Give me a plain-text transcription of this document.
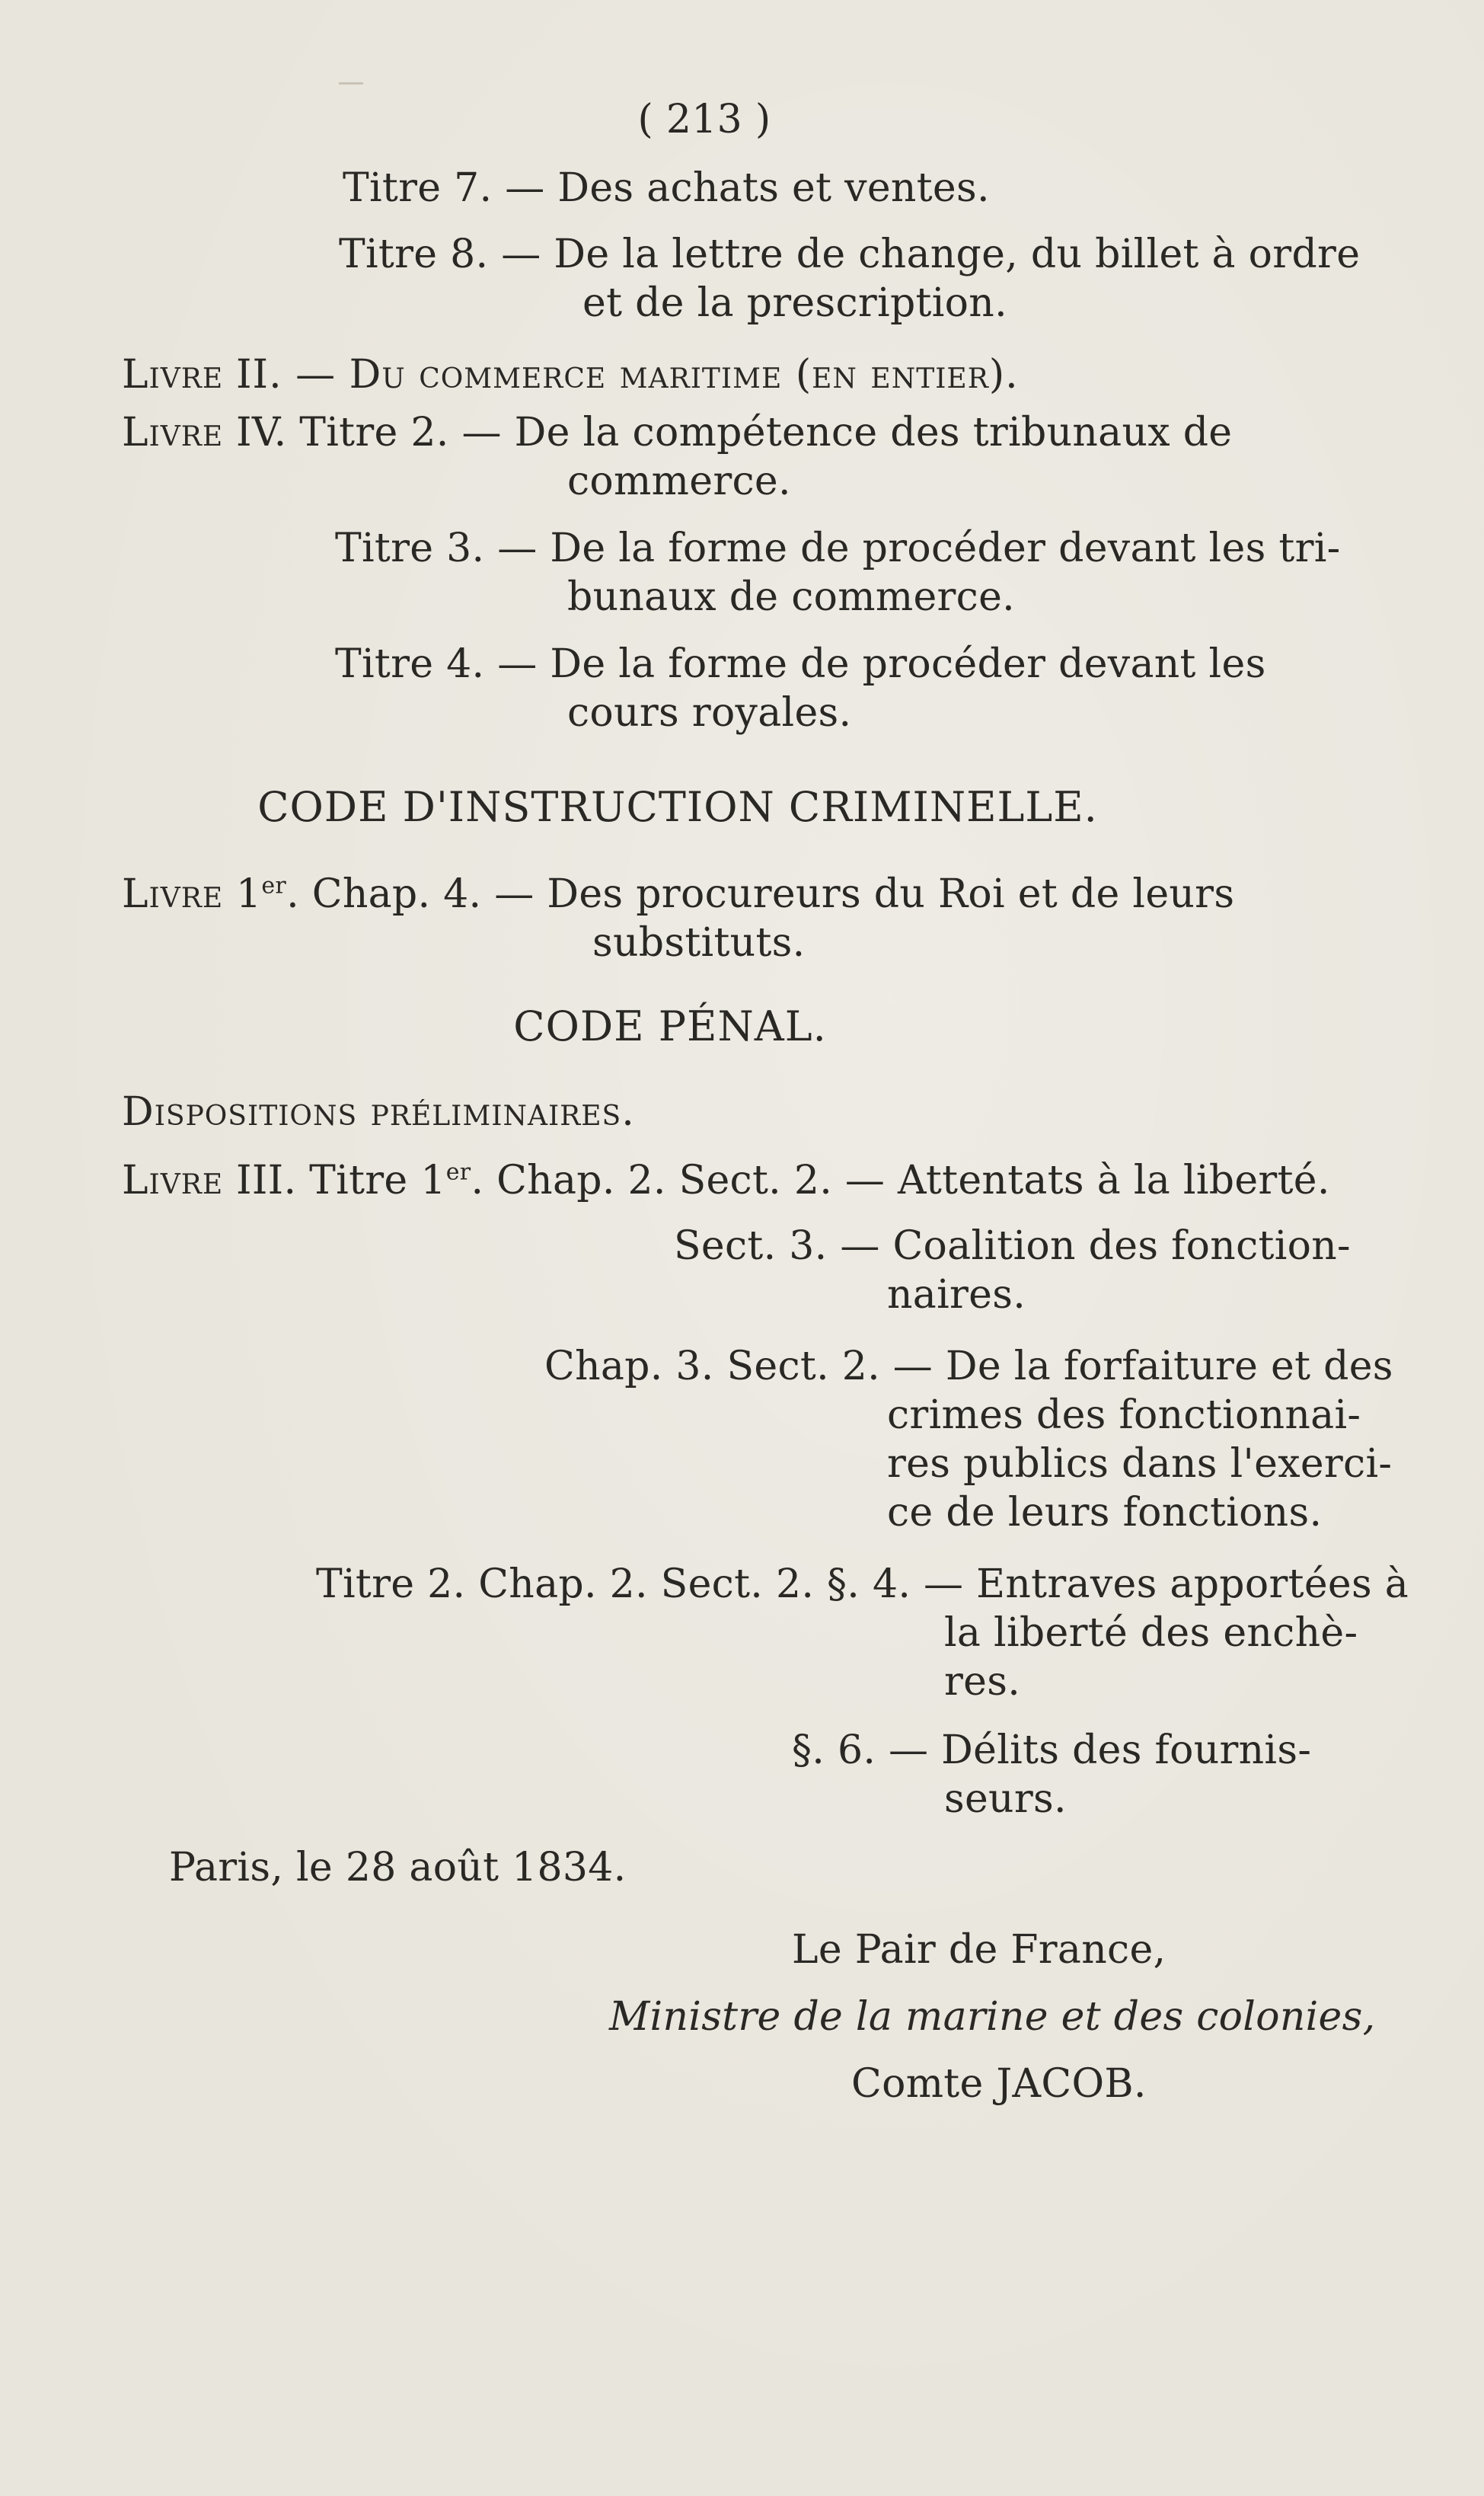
( 213 )
Titre 7. — Des achats et ventes.
Titre 8. — De la lettre de change, du billet à ordre
et de la prescription.
Livre II. — Du commerce maritime (en entier).
Livre IV. Titre 2. — De la compétence des tribunaux de
commerce.
Titre 3. — De la forme de procéder devant les tri-
bunaux de commerce.
Titre 4. — De la forme de procéder devant les
cours royales.
CODE D'INSTRUCTION CRIMINELLE.
Livre 1er. Chap. 4. — Des procureurs du Roi et de leurs
substituts.
CODE PÉNAL.
Dispositions préliminaires.
Livre III. Titre 1er. Chap. 2. Sect. 2. — Attentats à la liberté.
Sect. 3. — Coalition des fonction-
naires.
Chap. 3. Sect. 2. — De la forfaiture et des
crimes des fonctionnai-
res publics dans l'exerci-
ce de leurs fonctions.
Titre 2. Chap. 2. Sect. 2. §. 4. — Entraves apportées à
la liberté des enchè-
res.
§. 6. — Délits des fournis-
seurs.
Paris, le 28 août 1834.
Le Pair de France,
Ministre de la marine et des colonies,
Comte JACOB.
